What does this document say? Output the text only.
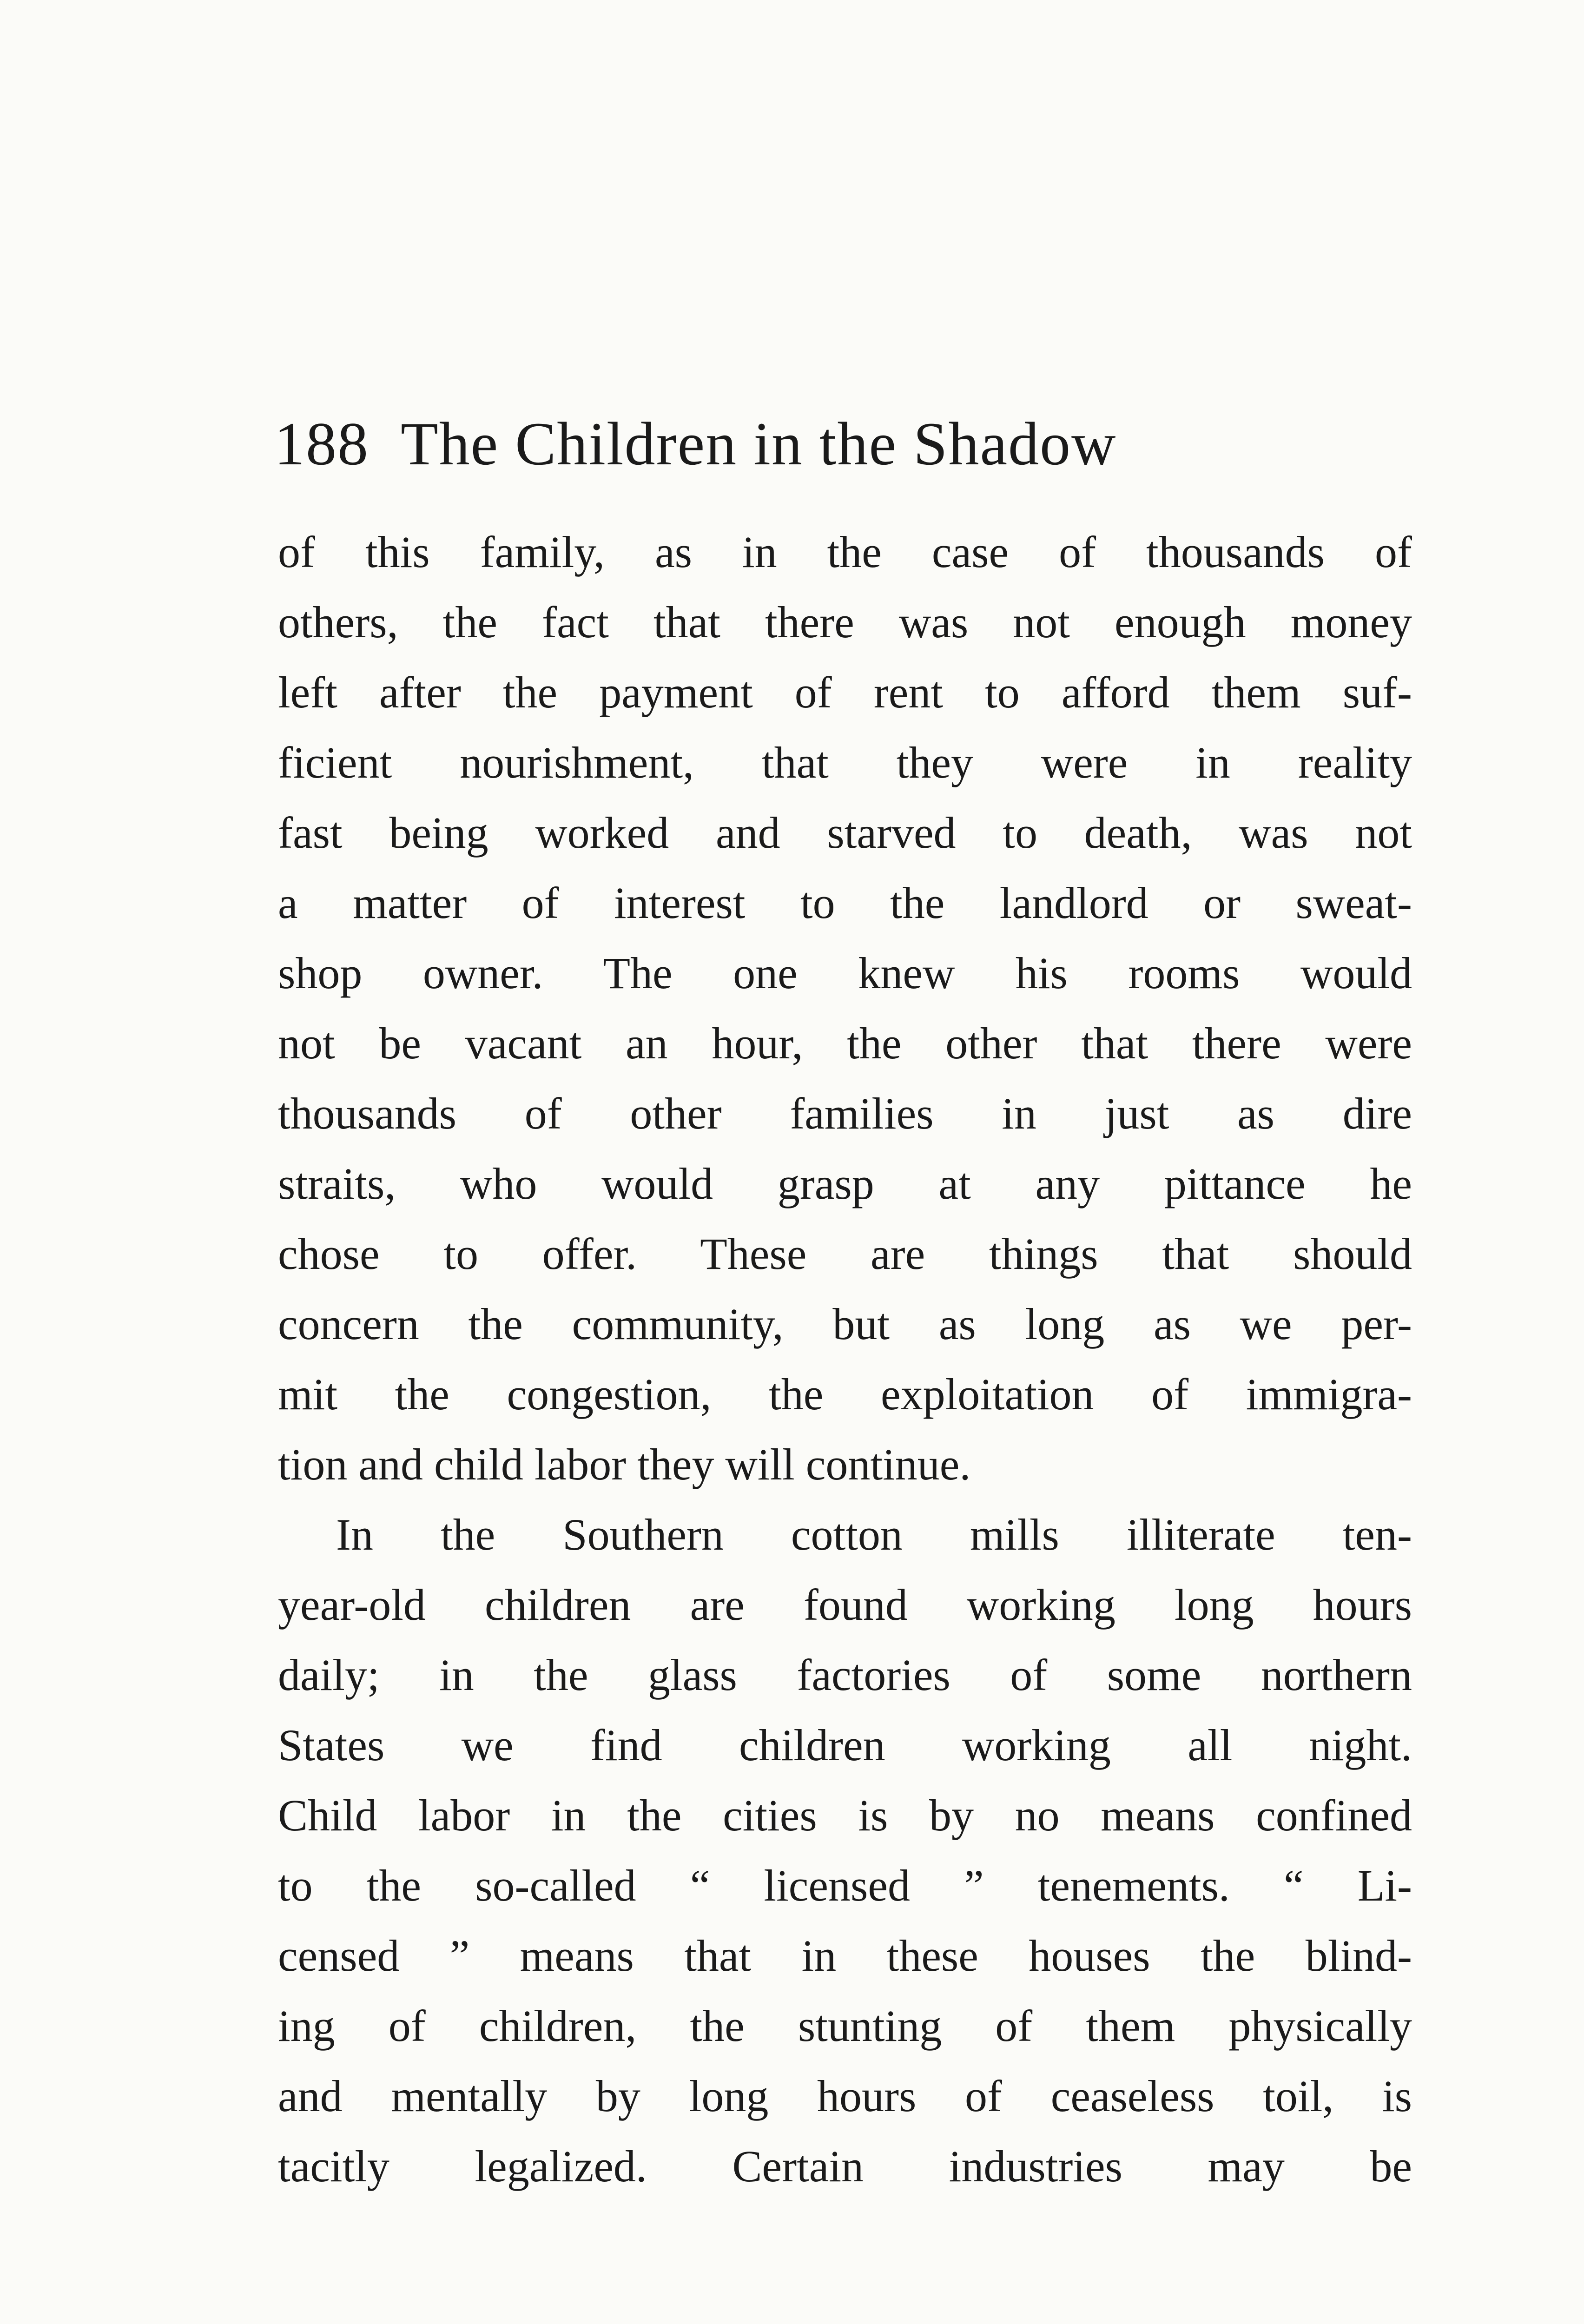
188 The Children in the Shadow
of this family, as in the case of thousands of
others, the fact that there was not enough money
left after the payment of rent to afford them suf-
ficient nourishment, that they were in reality
fast being worked and starved to death, was not
a matter of interest to the landlord or sweat-
shop owner. The one knew his rooms would
not be vacant an hour, the other that there were
thousands of other families in just as dire
straits, who would grasp at any pittance he
chose to offer. These are things that should
concern the community, but as long as we per-
mit the congestion, the exploitation of immigra-
tion and child labor they will continue.
In the Southern cotton mills illiterate ten-
year-old children are found working long hours
daily; in the glass factories of some northern
States we find children working all night.
Child labor in the cities is by no means confined
to the so-called “ licensed ” tenements. “ Li-
censed ” means that in these houses the blind-
ing of children, the stunting of them physically
and mentally by long hours of ceaseless toil, is
tacitly legalized. Certain industries may be
